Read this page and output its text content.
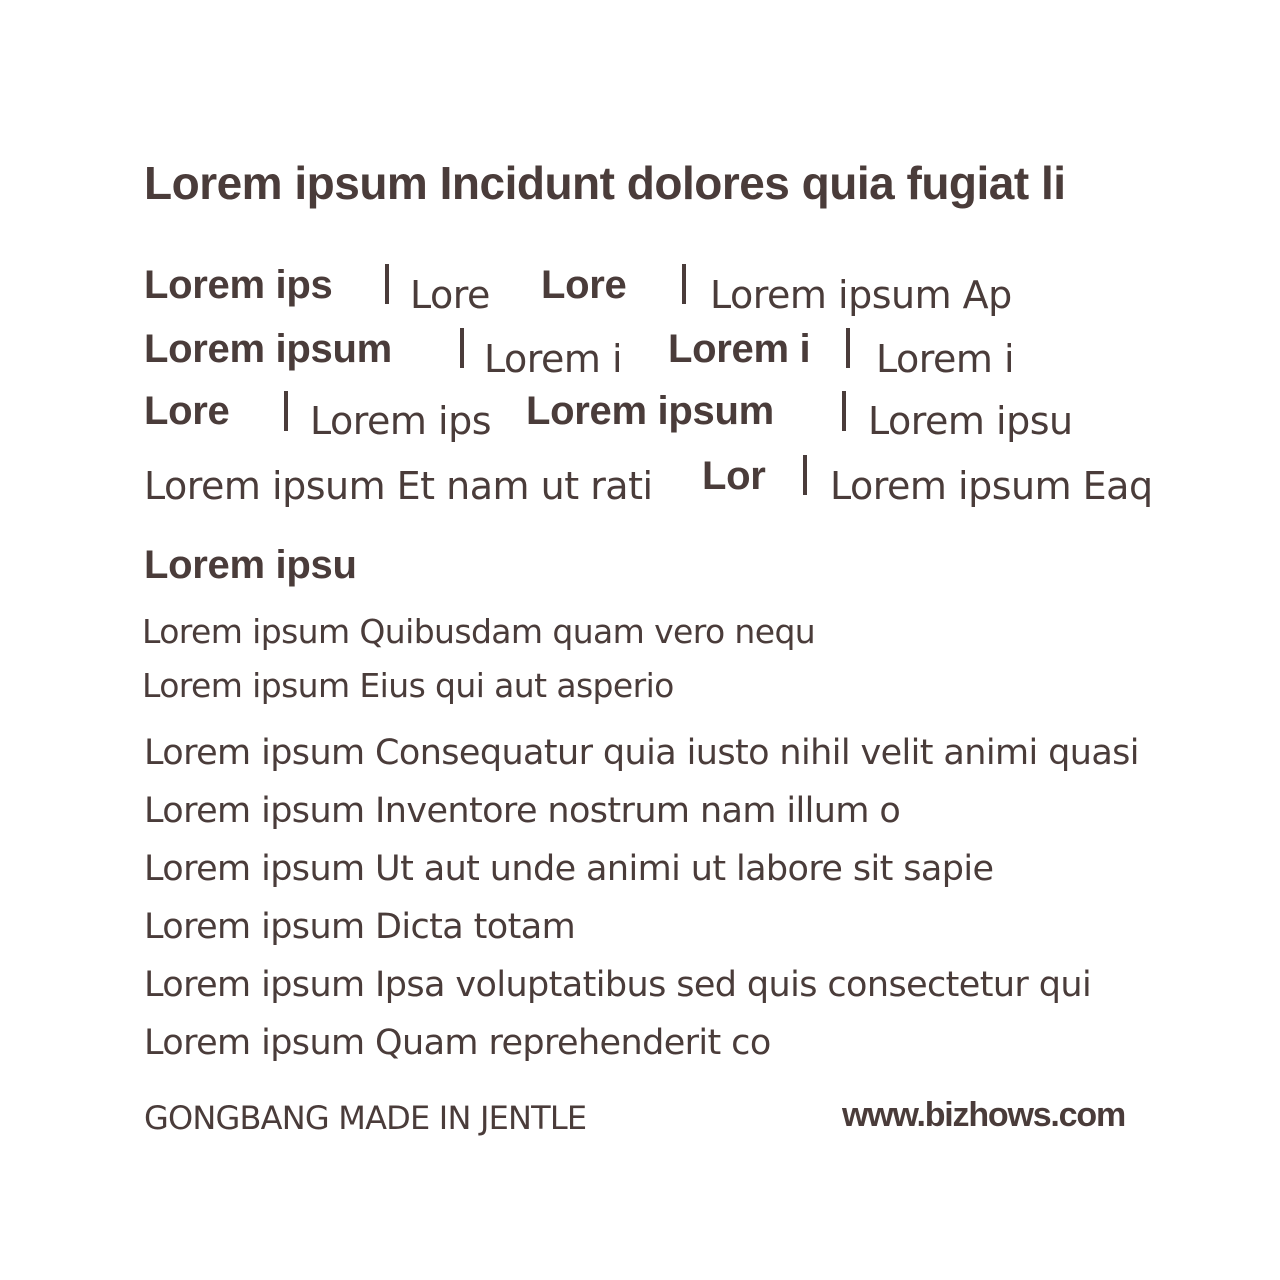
Lorem ipsum Incidunt dolores quia fugiat li
Lorem ips Lore Lore Lorem ipsum Ap
Lorem ipsum Lorem i Lorem i Lorem i
Lore Lorem ips Lorem ipsum Lorem ipsu
Lorem ipsum Et nam ut rati Lor Lorem ipsum Eaq
Lorem ipsu
Lorem ipsum Quibusdam quam vero nequ
Lorem ipsum Eius qui aut asperio
Lorem ipsum Consequatur quia iusto nihil velit animi quasi
Lorem ipsum Inventore nostrum nam illum o
Lorem ipsum Ut aut unde animi ut labore sit sapie
Lorem ipsum Dicta totam
Lorem ipsum Ipsa voluptatibus sed quis consectetur qui
Lorem ipsum Quam reprehenderit co
GONGBANG MADE IN JENTLE	www.bizhows.com
